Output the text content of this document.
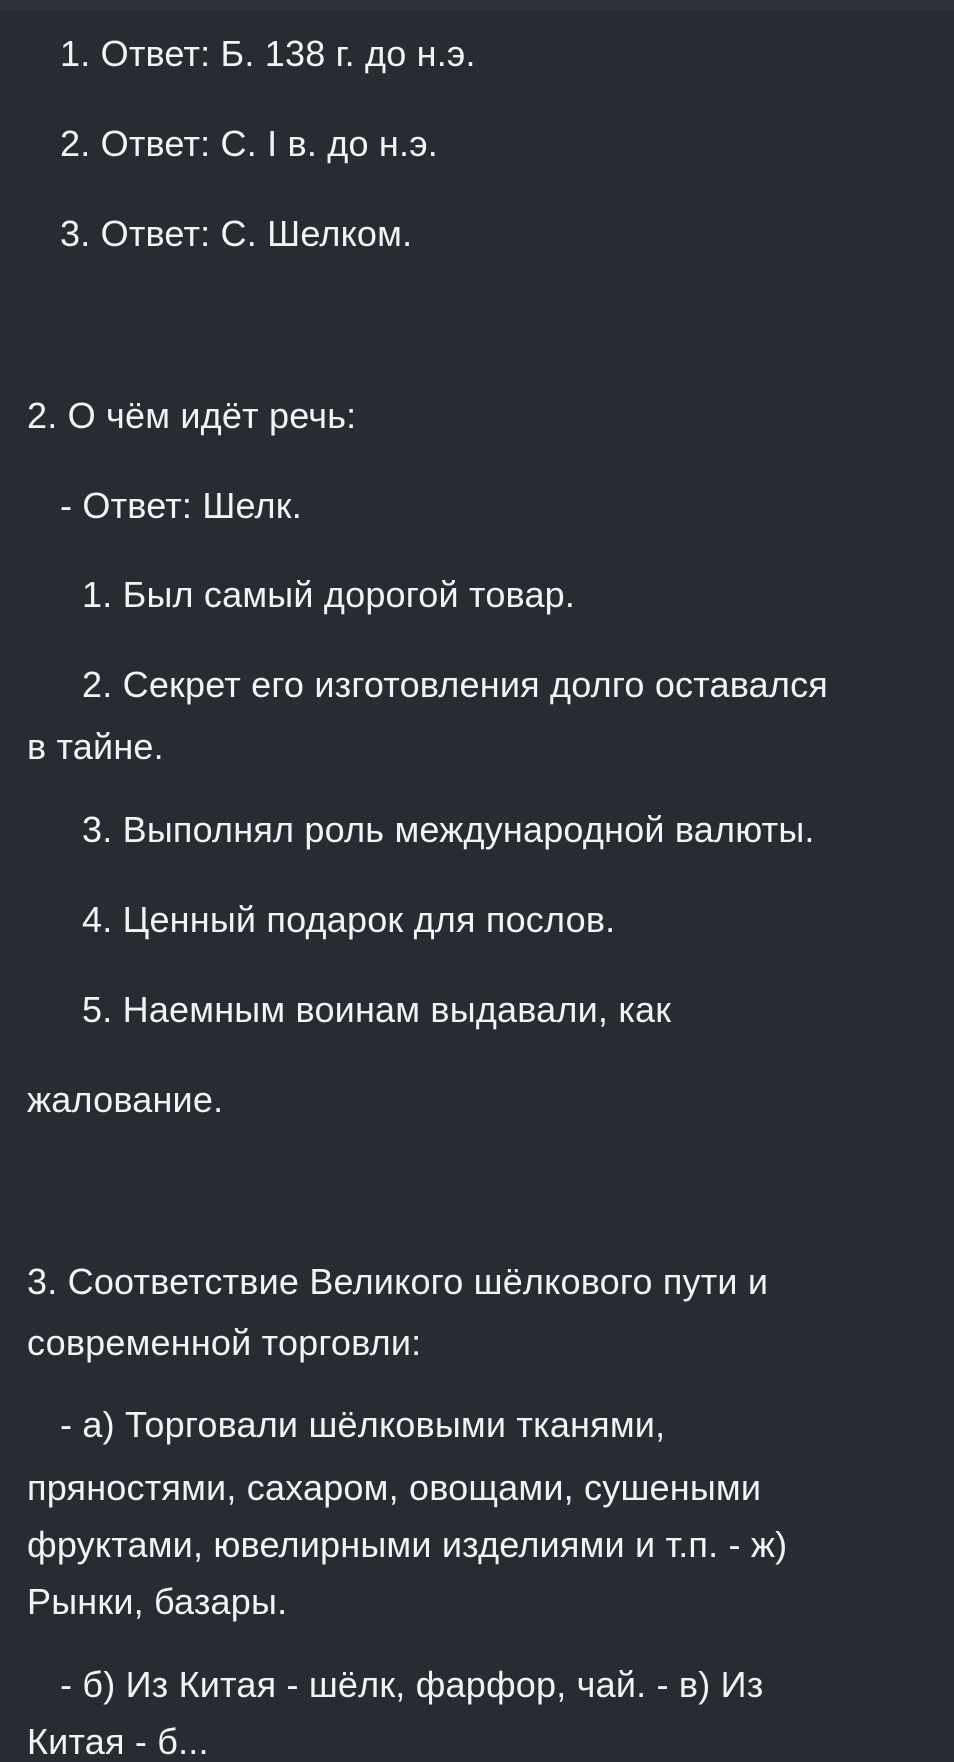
1. Ответ: Б. 138 г. до н.э.
2. Ответ: С. I в. до н.э.
3. Ответ: С. Шелком.
2. О чём идёт речь:
- Ответ: Шелк.
1. Был самый дорогой товар.
2. Секрет его изготовления долго оставался
в тайне.
3. Выполнял роль международной валюты.
4. Ценный подарок для послов.
5. Наемным воинам выдавали, как
жалование.
3. Соответствие Великого шёлкового пути и
современной торговли:
- а) Торговали шёлковыми тканями,
пряностями, сахаром, овощами, сушеными
фруктами, ювелирными изделиями и т.п. - ж)
Рынки, базары.
- б) Из Китая - шёлк, фарфор, чай. - в) Из
Китая - б...
